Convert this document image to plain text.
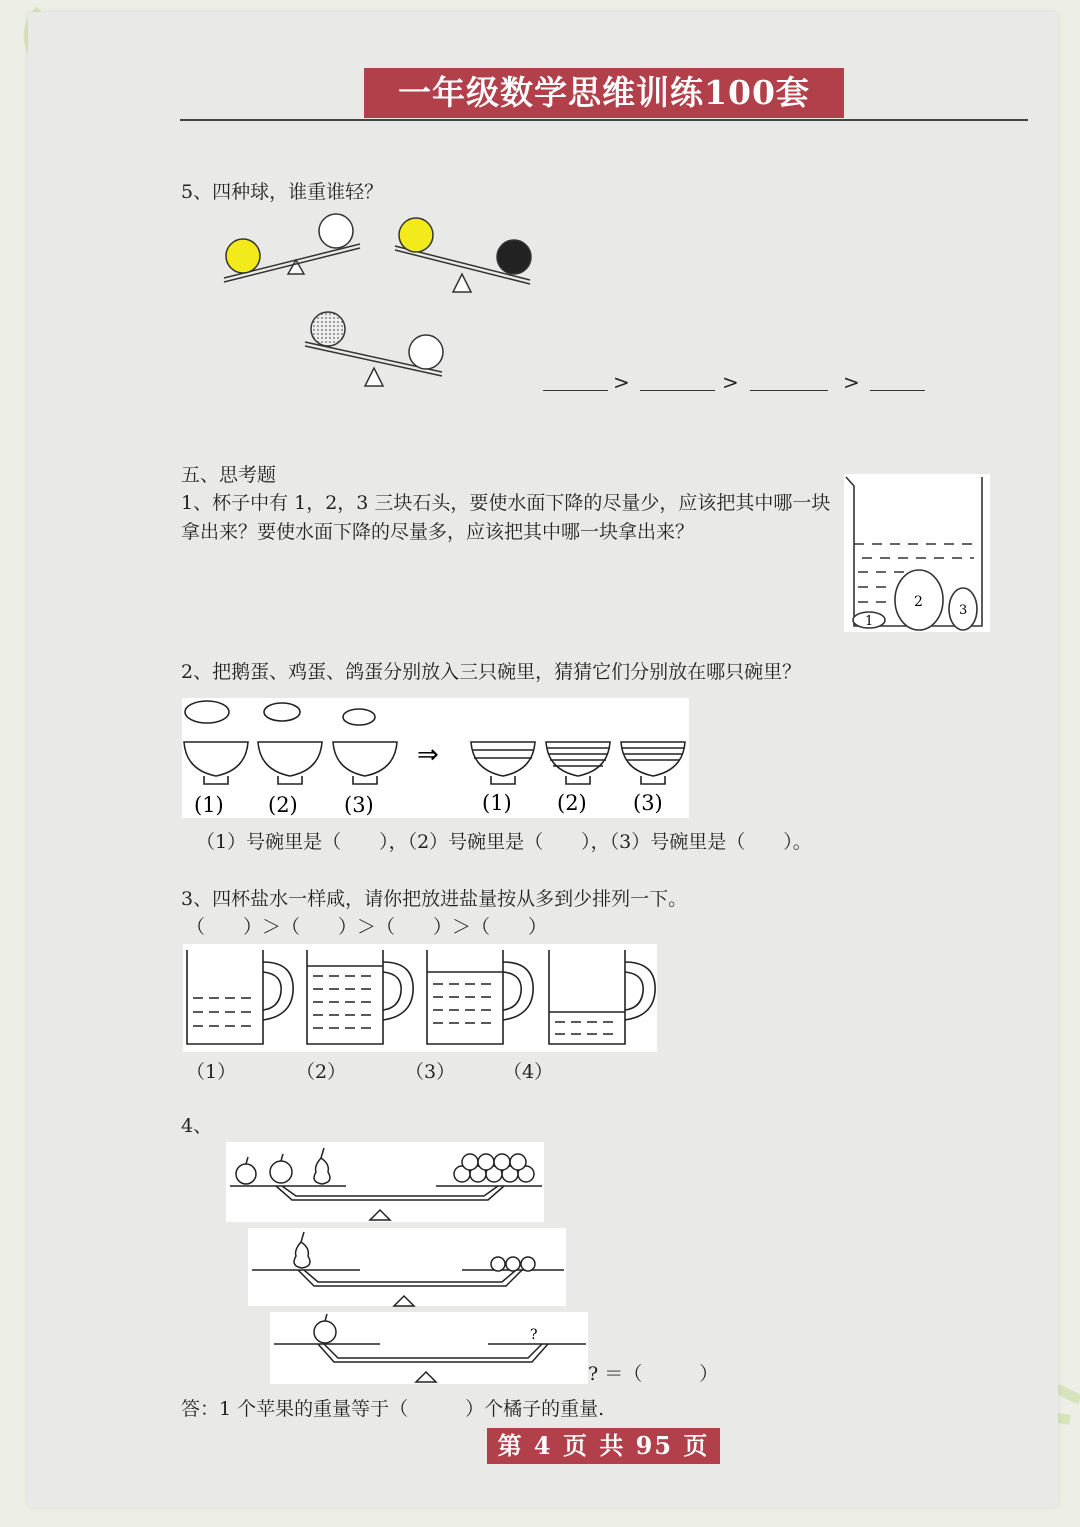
一年级数学思维训练100套
5、四种球，谁重谁轻？
>	>	>
五、思考题
1、杯子中有 1，2，3 三块石头，要使水面下降的尽量少，应该把其中哪一块拿出来？要使水面下降的尽量多，应该把其中哪一块拿出来？
1
2
3
2、把鹅蛋、鸡蛋、鸽蛋分别放入三只碗里，猜猜它们分别放在哪只碗里？
⇒
(1) (2) (3)	(1) (2) (3)
（1）号碗里是（　　），（2）号碗里是（　　），（3）号碗里是（　　）。
3、四杯盐水一样咸，请你把放进盐量按从多到少排列一下。
（　　）＞（　　）＞（　　）＞（　　）
（1）	（2）	（3）	（4）
4、
?
? ＝（　　　）
答：1 个苹果的重量等于（　　　）个橘子的重量.
第 4 页 共 95 页
